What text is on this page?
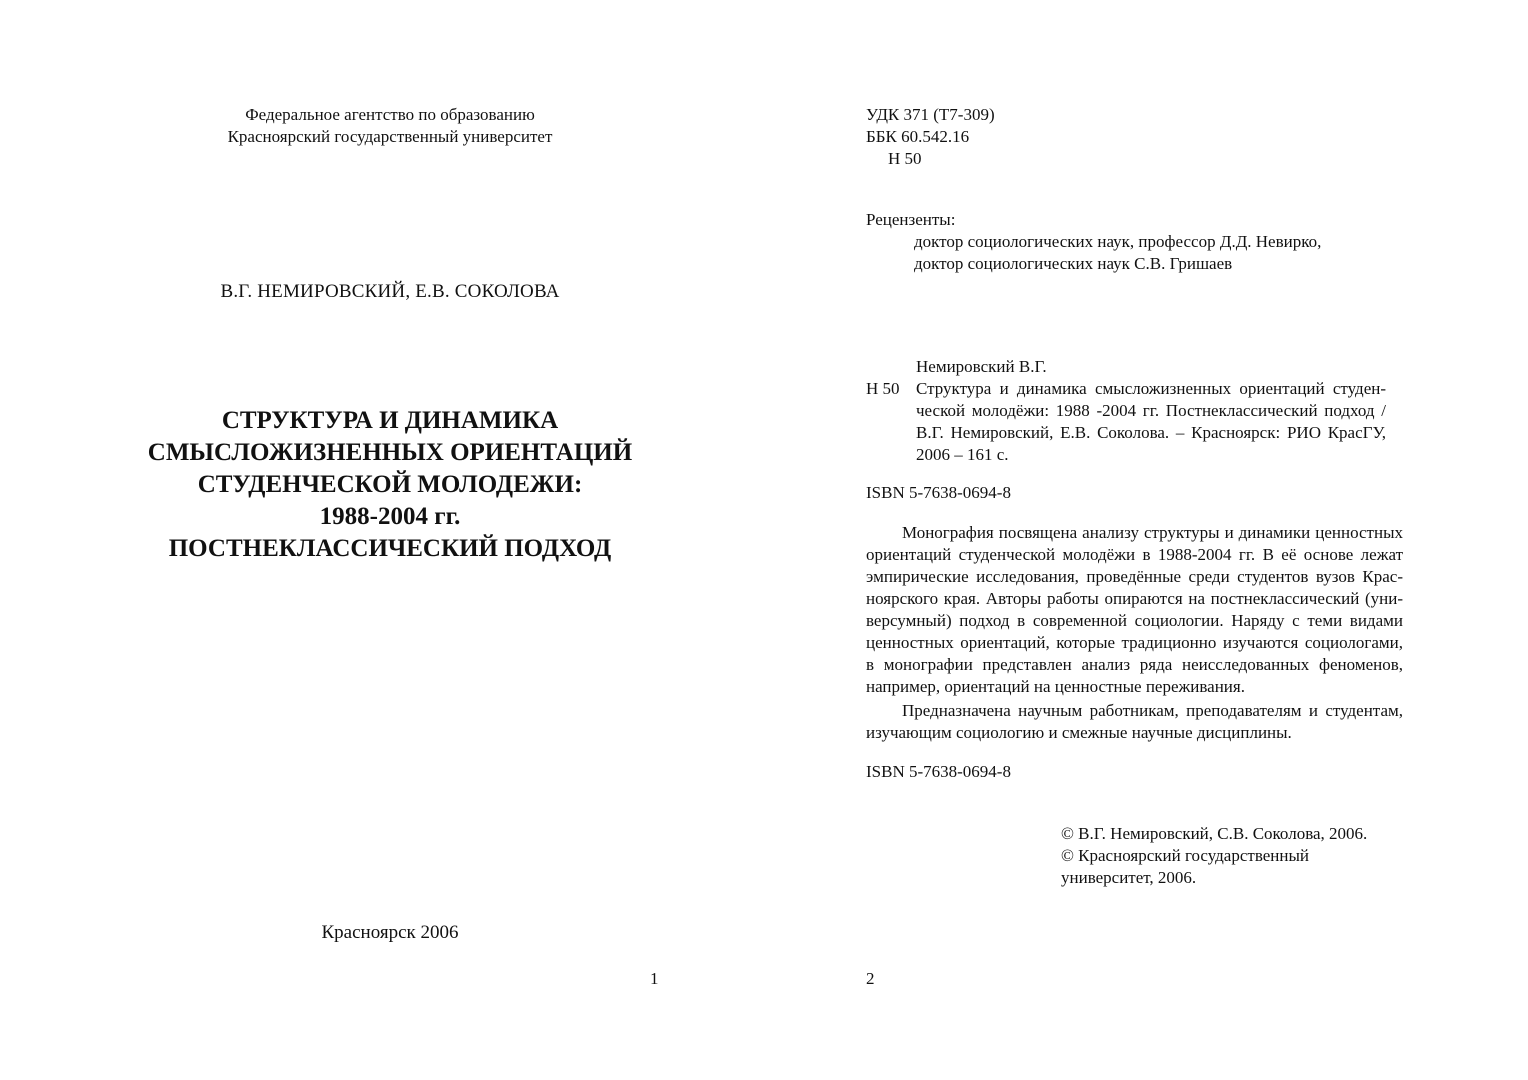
Федеральное агентство по образованию
Красноярский государственный университет
В.Г. НЕМИРОВСКИЙ, Е.В. СОКОЛОВА
СТРУКТУРА И ДИНАМИКА
СМЫСЛОЖИЗНЕННЫХ ОРИЕНТАЦИЙ
СТУДЕНЧЕСКОЙ МОЛОДЕЖИ:
1988-2004 гг.
ПОСТНЕКЛАССИЧЕСКИЙ ПОДХОД
Красноярск 2006
1
УДК 371 (Т7-309)
ББК 60.542.16
Н 50
Рецензенты:
доктор социологических наук, профессор Д.Д. Невирко,
доктор социологических наук С.В. Гришаев
Немировский В.Г.
Н 50 Структура и динамика смысложизненных ориентаций студен-
ческой молодёжи: 1988 -2004 гг. Постнеклассический подход /
В.Г. Немировский, Е.В. Соколова. – Красноярск: РИО КрасГУ,
2006 – 161 с.
ISBN 5-7638-0694-8
Монография посвящена анализу структуры и динамики ценностных
ориентаций студенческой молодёжи в 1988-2004 гг. В её основе лежат
эмпирические исследования, проведённые среди студентов вузов Крас-
ноярского края. Авторы работы опираются на постнеклассический (уни-
версумный) подход в современной социологии. Наряду с теми видами
ценностных ориентаций, которые традиционно изучаются социологами,
в монографии представлен анализ ряда неисследованных феноменов,
например, ориентаций на ценностные переживания.
Предназначена научным работникам, преподавателям и студентам,
изучающим социологию и смежные научные дисциплины.
ISBN 5-7638-0694-8
© В.Г. Немировский, С.В. Соколова, 2006.
© Красноярский государственный
университет, 2006.
2
